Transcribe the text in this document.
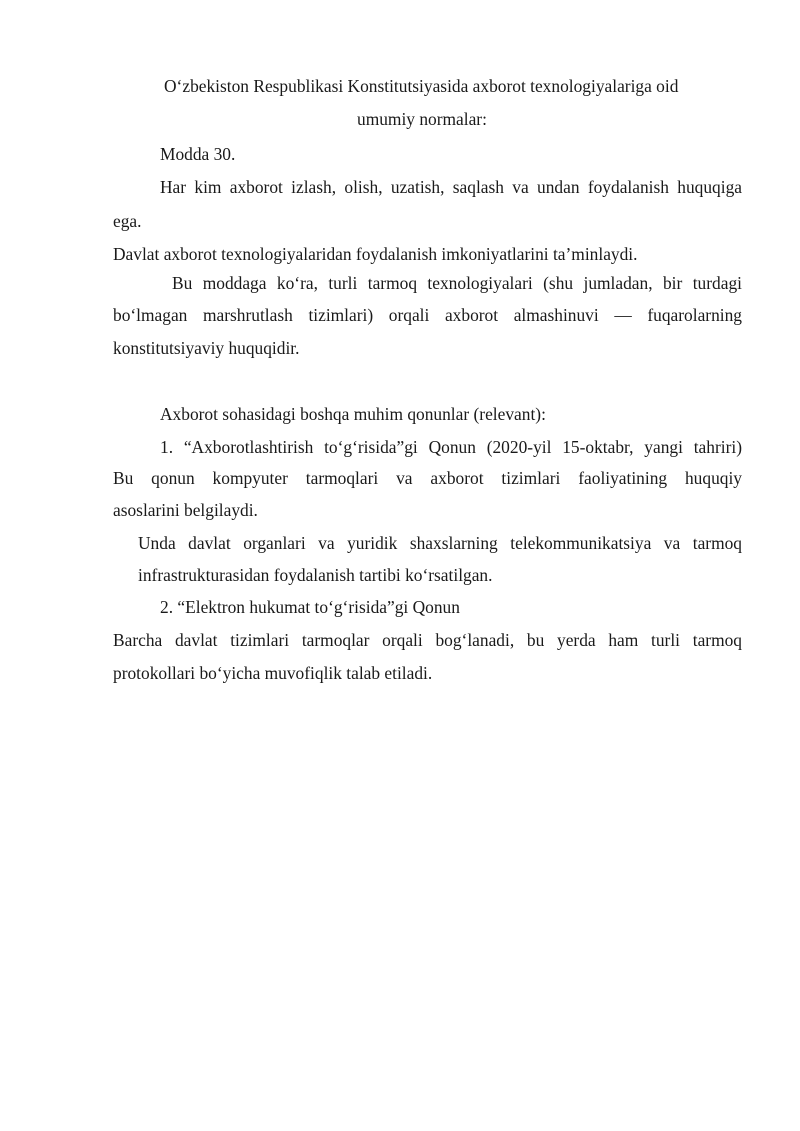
O‘zbekiston Respublikasi Konstitutsiyasida axborot texnologiyalariga oid

umumiy normalar:

Modda 30.

Har kim axborot izlash, olish, uzatish, saqlash va undan foydalanish huquqiga

ega.

Davlat axborot texnologiyalaridan foydalanish imkoniyatlarini ta’minlaydi.

Bu moddaga ko‘ra, turli tarmoq texnologiyalari (shu jumladan, bir turdagi

bo‘lmagan marshrutlash tizimlari) orqali axborot almashinuvi — fuqarolarning

konstitutsiyaviy huquqidir.

Axborot sohasidagi boshqa muhim qonunlar (relevant):

1. “Axborotlashtirish to‘g‘risida”gi Qonun (2020-yil 15-oktabr, yangi tahriri)

Bu qonun kompyuter tarmoqlari va axborot tizimlari faoliyatining huquqiy

asoslarini belgilaydi.

Unda davlat organlari va yuridik shaxslarning telekommunikatsiya va tarmoq

infrastrukturasidan foydalanish tartibi ko‘rsatilgan.

2. “Elektron hukumat to‘g‘risida”gi Qonun

Barcha davlat tizimlari tarmoqlar orqali bog‘lanadi, bu yerda ham turli tarmoq

protokollari bo‘yicha muvofiqlik talab etiladi.
